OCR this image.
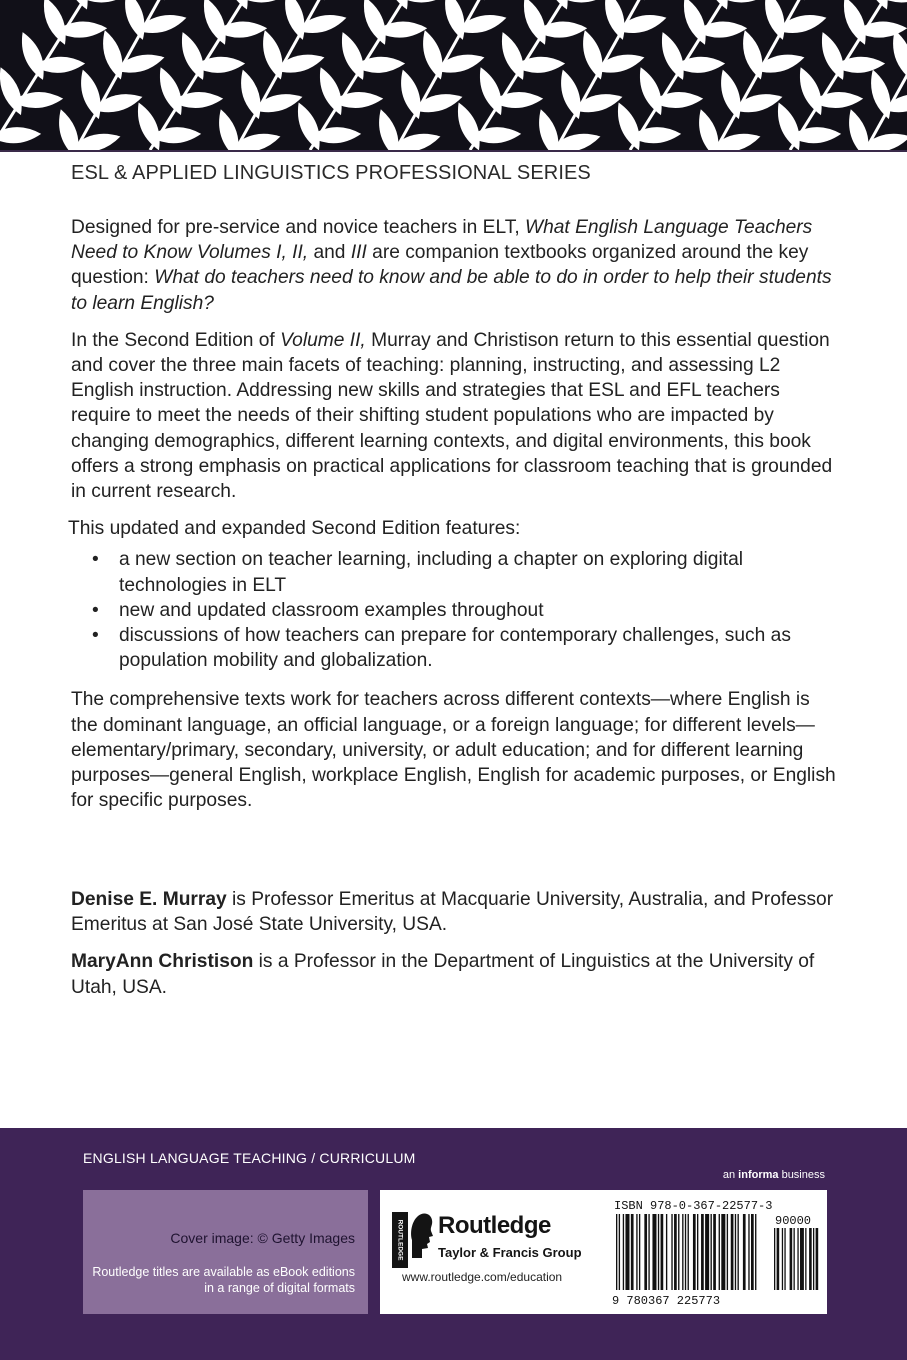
ESL & APPLIED LINGUISTICS PROFESSIONAL SERIES

Designed for pre-service and novice teachers in ELT, What English Language Teachers Need to Know Volumes I, II, and III are companion textbooks organized around the key question: What do teachers need to know and be able to do in order to help their students to learn English?

In the Second Edition of Volume II, Murray and Christison return to this essential question and cover the three main facets of teaching: planning, instructing, and assessing L2 English instruction. Addressing new skills and strategies that ESL and EFL teachers require to meet the needs of their shifting student populations who are impacted by changing demographics, different learning contexts, and digital environments, this book offers a strong emphasis on practical applications for classroom teaching that is grounded in current research.

This updated and expanded Second Edition features:

• a new section on teacher learning, including a chapter on exploring digital technologies in ELT
• new and updated classroom examples throughout
• discussions of how teachers can prepare for contemporary challenges, such as population mobility and globalization.

The comprehensive texts work for teachers across different contexts—where English is the dominant language, an official language, or a foreign language; for different levels—elementary/primary, secondary, university, or adult education; and for different learning purposes—general English, workplace English, English for academic purposes, or English for specific purposes.

Denise E. Murray is Professor Emeritus at Macquarie University, Australia, and Professor Emeritus at San José State University, USA.

MaryAnn Christison is a Professor in the Department of Linguistics at the University of Utah, USA.

ENGLISH LANGUAGE TEACHING / CURRICULUM
an informa business
Cover image: © Getty Images
Routledge titles are available as eBook editions in a range of digital formats
ROUTLEDGE Routledge
Taylor & Francis Group
www.routledge.com/education
ISBN 978-0-367-22577-3
90000
9 780367 225773
